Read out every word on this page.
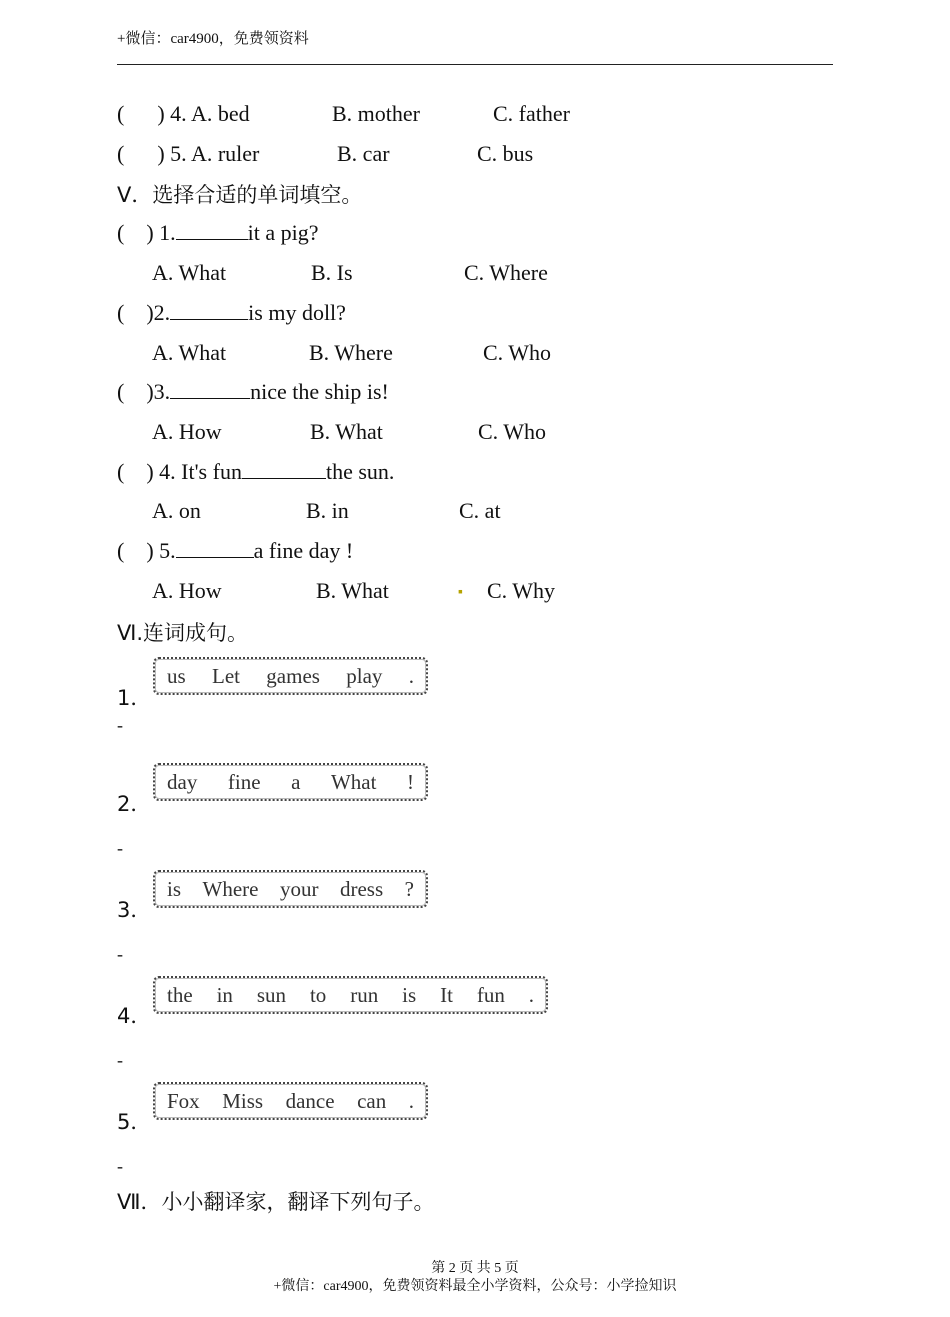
+微信：car4900，免费领资料
( ) 4. A. bed	B. mother	C. father
( ) 5. A. ruler	B. car	C. bus
V．选择合适的单词填空。
( ) 1.	it a pig?
A. What	B. Is	C. Where
( )2.	is my doll?
A. What	B. Where	C. Who
( )3.	nice the ship is!
A. How	B. What	C. Who
( ) 4. It's fun	the sun.
A. on	B. in	C. at
( ) 5.	a fine day !
A. How	B. What	▪ C. Why
Ⅵ.连词成句。
1．
us Let games play .
-
2．
day fine a What !
-
3．
is Where your dress ?
-
4．
the in sun to run is It fun .
-
5．
Fox Miss dance can .
-
Ⅶ．小小翻译家，翻译下列句子。
第 2 页 共 5 页
+微信：car4900，免费领资料最全小学资料，公众号：小学捡知识
